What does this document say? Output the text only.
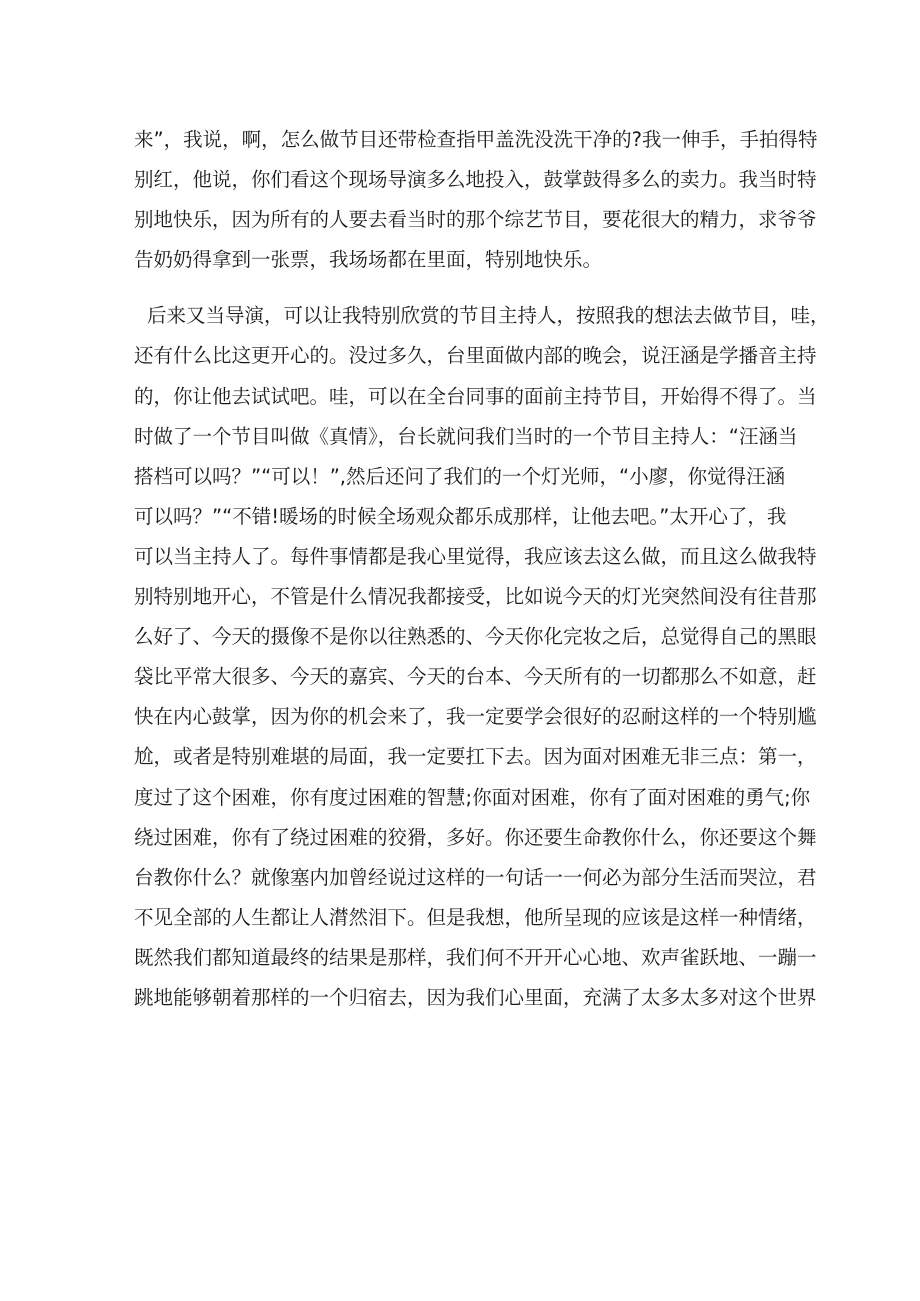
来”，我说，啊，怎么做节目还带检查指甲盖洗没洗干净的?我一伸手，手拍得特
别红，他说，你们看这个现场导演多么地投入，鼓掌鼓得多么的卖力。我当时特
别地快乐，因为所有的人要去看当时的那个综艺节目，要花很大的精力，求爷爷
告奶奶得拿到一张票，我场场都在里面，特别地快乐。

后来又当导演，可以让我特别欣赏的节目主持人，按照我的想法去做节目，哇，
还有什么比这更开心的。没过多久，台里面做内部的晚会，说汪涵是学播音主持
的，你让他去试试吧。哇，可以在全台同事的面前主持节目，开始得不得了。当
时做了一个节目叫做《真情》，台长就问我们当时的一个节目主持人：“汪涵当
搭档可以吗？”“可以！”,然后还问了我们的一个灯光师，“小廖，你觉得汪涵
可以吗？”“不错!暖场的时候全场观众都乐成那样，让他去吧。”太开心了，我
可以当主持人了。每件事情都是我心里觉得，我应该去这么做，而且这么做我特
别特别地开心，不管是什么情况我都接受，比如说今天的灯光突然间没有往昔那
么好了、今天的摄像不是你以往熟悉的、今天你化完妆之后，总觉得自己的黑眼
袋比平常大很多、今天的嘉宾、今天的台本、今天所有的一切都那么不如意，赶
快在内心鼓掌，因为你的机会来了，我一定要学会很好的忍耐这样的一个特别尴
尬，或者是特别难堪的局面，我一定要扛下去。因为面对困难无非三点：第一，
度过了这个困难，你有度过困难的智慧;你面对困难，你有了面对困难的勇气;你
绕过困难，你有了绕过困难的狡猾，多好。你还要生命教你什么，你还要这个舞
台教你什么？就像塞内加曾经说过这样的一句话一一何必为部分生活而哭泣，君
不见全部的人生都让人潸然泪下。但是我想，他所呈现的应该是这样一种情绪，
既然我们都知道最终的结果是那样，我们何不开开心心地、欢声雀跃地、一蹦一
跳地能够朝着那样的一个归宿去，因为我们心里面，充满了太多太多对这个世界
